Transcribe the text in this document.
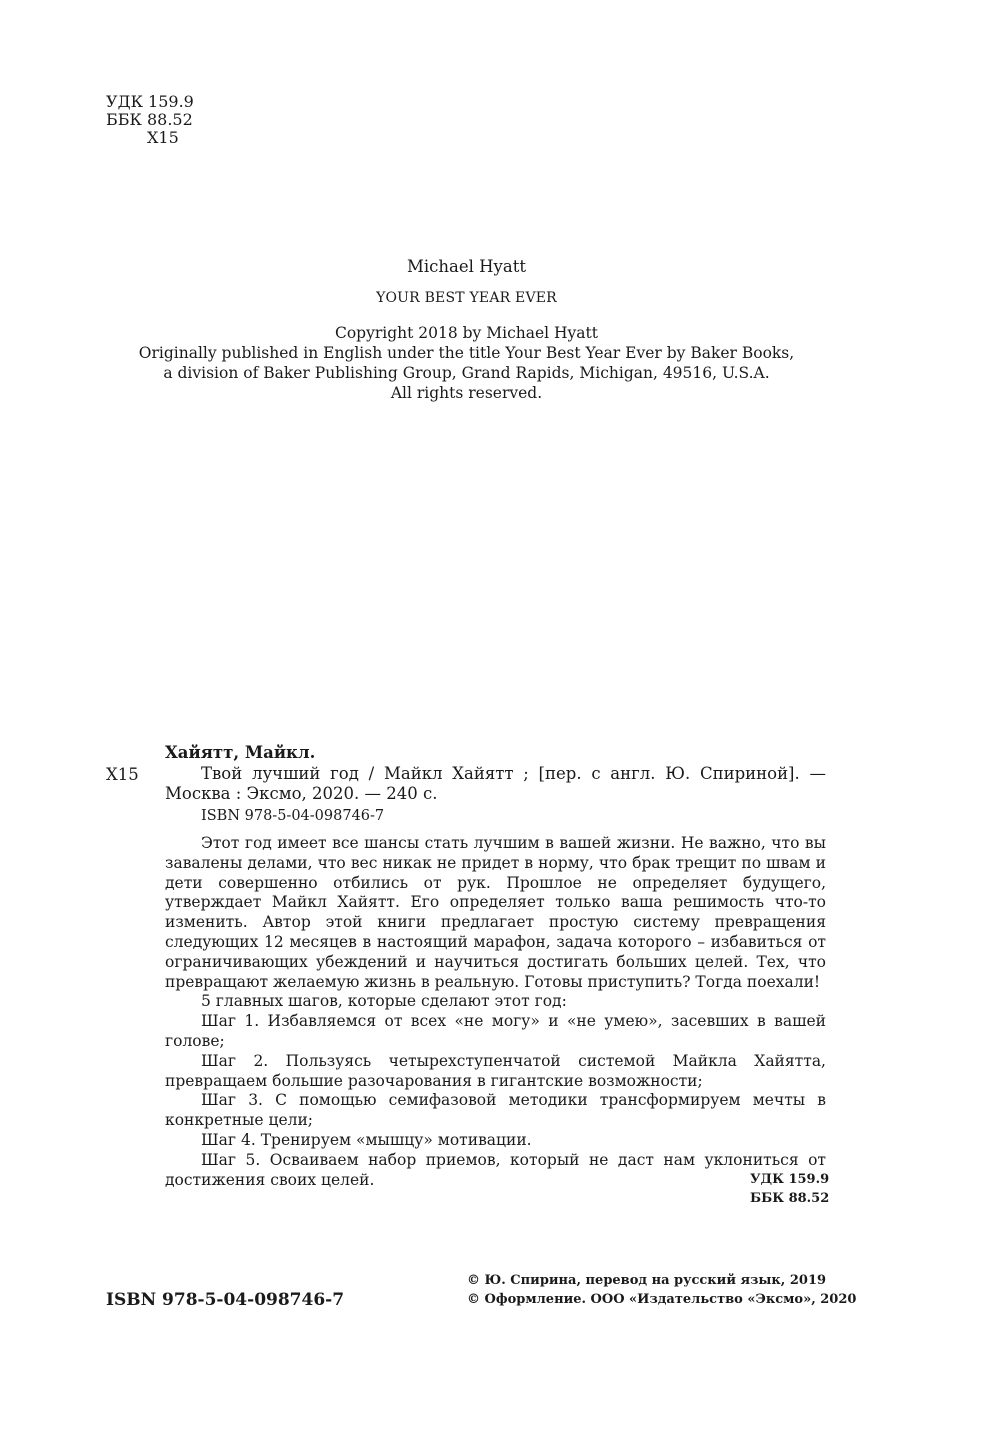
УДК 159.9
ББК 88.52
Х15
Michael Hyatt
YOUR BEST YEAR EVER
Copyright 2018 by Michael Hyatt
Originally published in English under the title Your Best Year Ever by Baker Books,
a division of Baker Publishing Group, Grand Rapids, Michigan, 49516, U.S.A.
All rights reserved.
Х15
Хайятт, Майкл.
Твой лучший год / Майкл Хайятт ; [пер. с англ. Ю. Спириной]. — Москва : Эксмо, 2020. — 240 с.
ISBN 978-5-04-098746-7

Этот год имеет все шансы стать лучшим в вашей жизни. Не важно, что вы завалены делами, что вес никак не придет в норму, что брак трещит по швам и дети совершенно отбились от рук. Прошлое не определяет будущего, утверждает Майкл Хайятт. Его определяет только ваша решимость что-то изменить. Автор этой книги предлагает простую систему превращения следующих 12 месяцев в настоящий марафон, задача которого – избавиться от ограничивающих убеждений и научиться достигать больших целей. Тех, что превращают желаемую жизнь в реальную. Готовы приступить? Тогда поехали!

5 главных шагов, которые сделают этот год:

Шаг 1. Избавляемся от всех «не могу» и «не умею», засевших в вашей голове;

Шаг 2. Пользуясь четырехступенчатой системой Майкла Хайятта, превращаем большие разочарования в гигантские возможности;

Шаг 3. С помощью семифазовой методики трансформируем мечты в конкретные цели;

Шаг 4. Тренируем «мышцу» мотивации.

Шаг 5. Осваиваем набор приемов, который не даст нам уклониться от достижения своих целей.	УДК 159.9
ББК 88.52
ISBN 978-5-04-098746-7
© Ю. Спирина, перевод на русский язык, 2019
© Оформление. ООО «Издательство «Эксмо», 2020
